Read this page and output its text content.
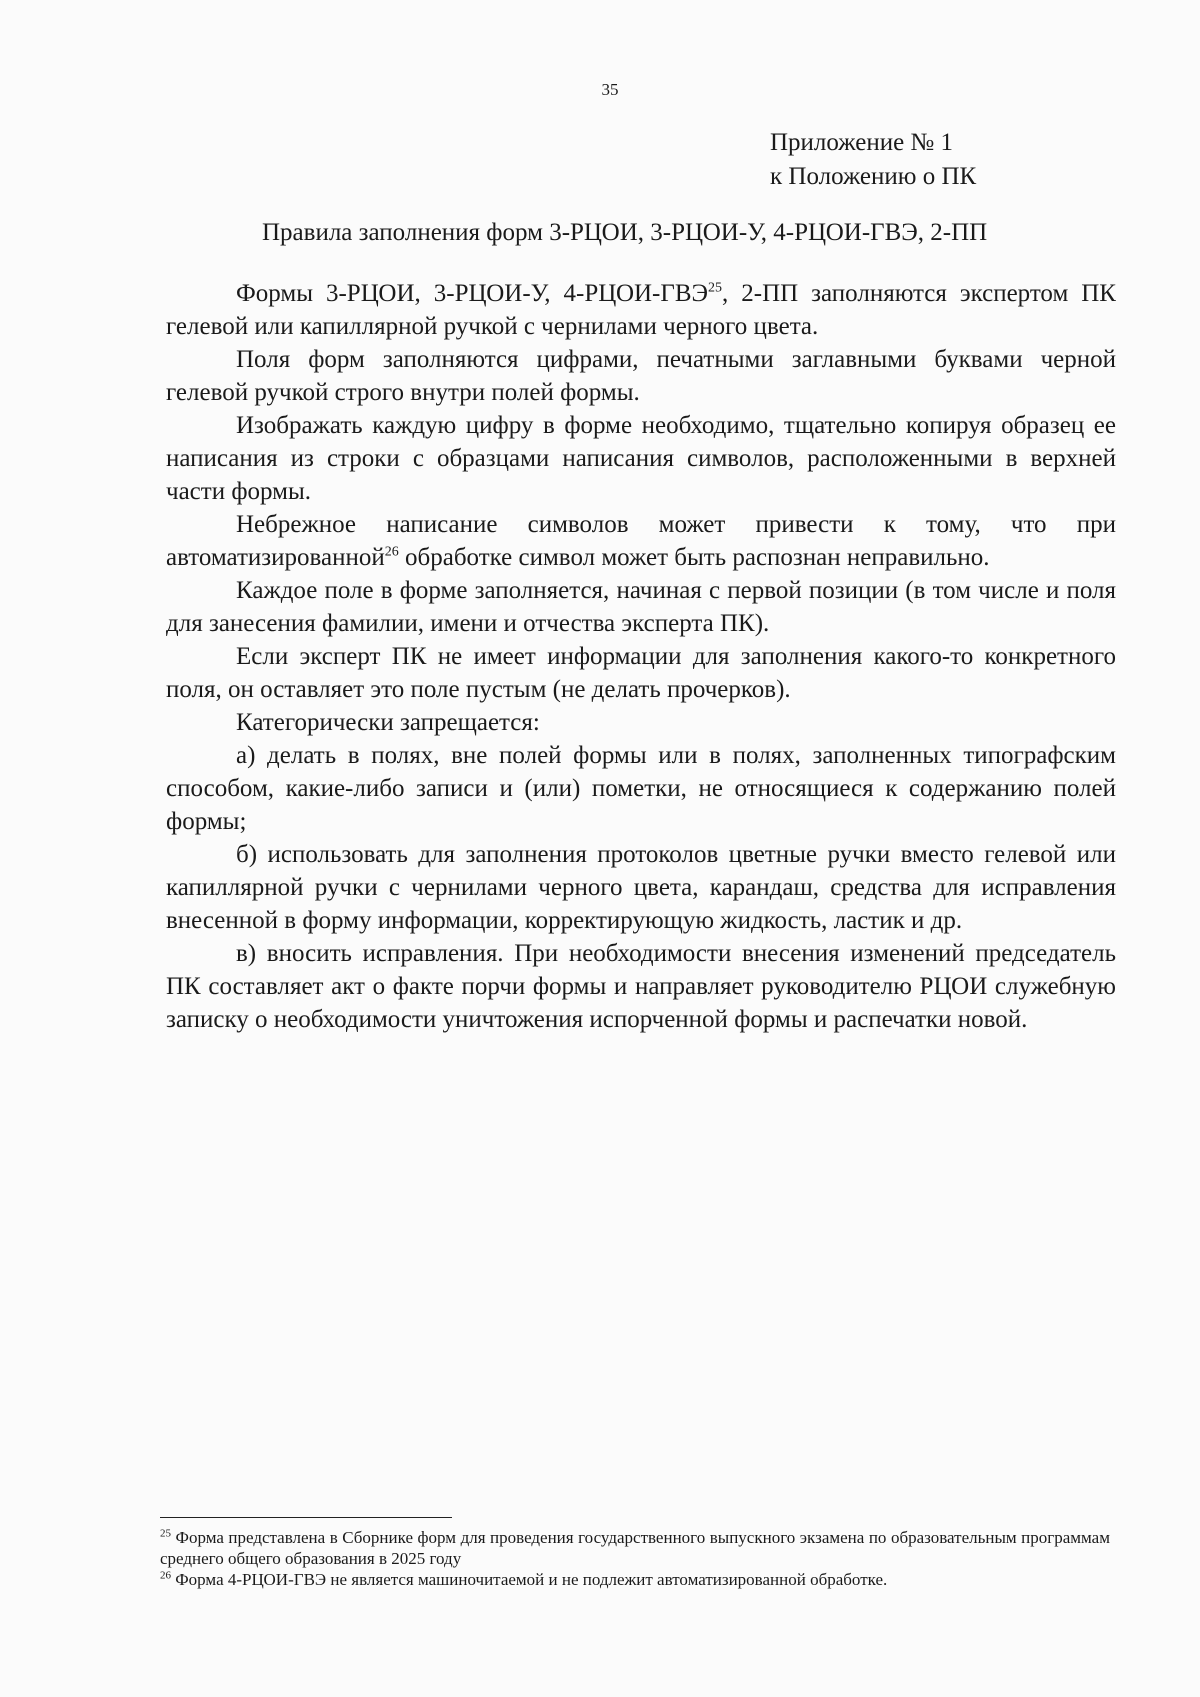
35
Приложение № 1
к Положению о ПК
Правила заполнения форм 3-РЦОИ, 3-РЦОИ-У, 4-РЦОИ-ГВЭ, 2-ПП

Формы 3-РЦОИ, 3-РЦОИ-У, 4-РЦОИ-ГВЭ$^{25}$, 2-ПП заполняются экспертом ПК гелевой или капиллярной ручкой с чернилами черного цвета.

Поля форм заполняются цифрами, печатными заглавными буквами черной гелевой ручкой строго внутри полей формы.

Изображать каждую цифру в форме необходимо, тщательно копируя образец ее написания из строки с образцами написания символов, расположенными в верхней части формы.

Небрежное написание символов может привести к тому, что при автоматизированной$^{26}$ обработке символ может быть распознан неправильно.

Каждое поле в форме заполняется, начиная с первой позиции (в том числе и поля для занесения фамилии, имени и отчества эксперта ПК).

Если эксперт ПК не имеет информации для заполнения какого-то конкретного поля, он оставляет это поле пустым (не делать прочерков).

Категорически запрещается:

а) делать в полях, вне полей формы или в полях, заполненных типографским способом, какие-либо записи и (или) пометки, не относящиеся к содержанию полей формы;

б) использовать для заполнения протоколов цветные ручки вместо гелевой или капиллярной ручки с чернилами черного цвета, карандаш, средства для исправления внесенной в форму информации, корректирующую жидкость, ластик и др.

в) вносить исправления. При необходимости внесения изменений председатель ПК составляет акт о факте порчи формы и направляет руководителю РЦОИ служебную записку о необходимости уничтожения испорченной формы и распечатки новой.

$^{25}$ Форма представлена в Сборнике форм для проведения государственного выпускного экзамена по образовательным программам среднего общего образования в 2025 году

$^{26}$ Форма 4-РЦОИ-ГВЭ не является машиночитаемой и не подлежит автоматизированной обработке.
